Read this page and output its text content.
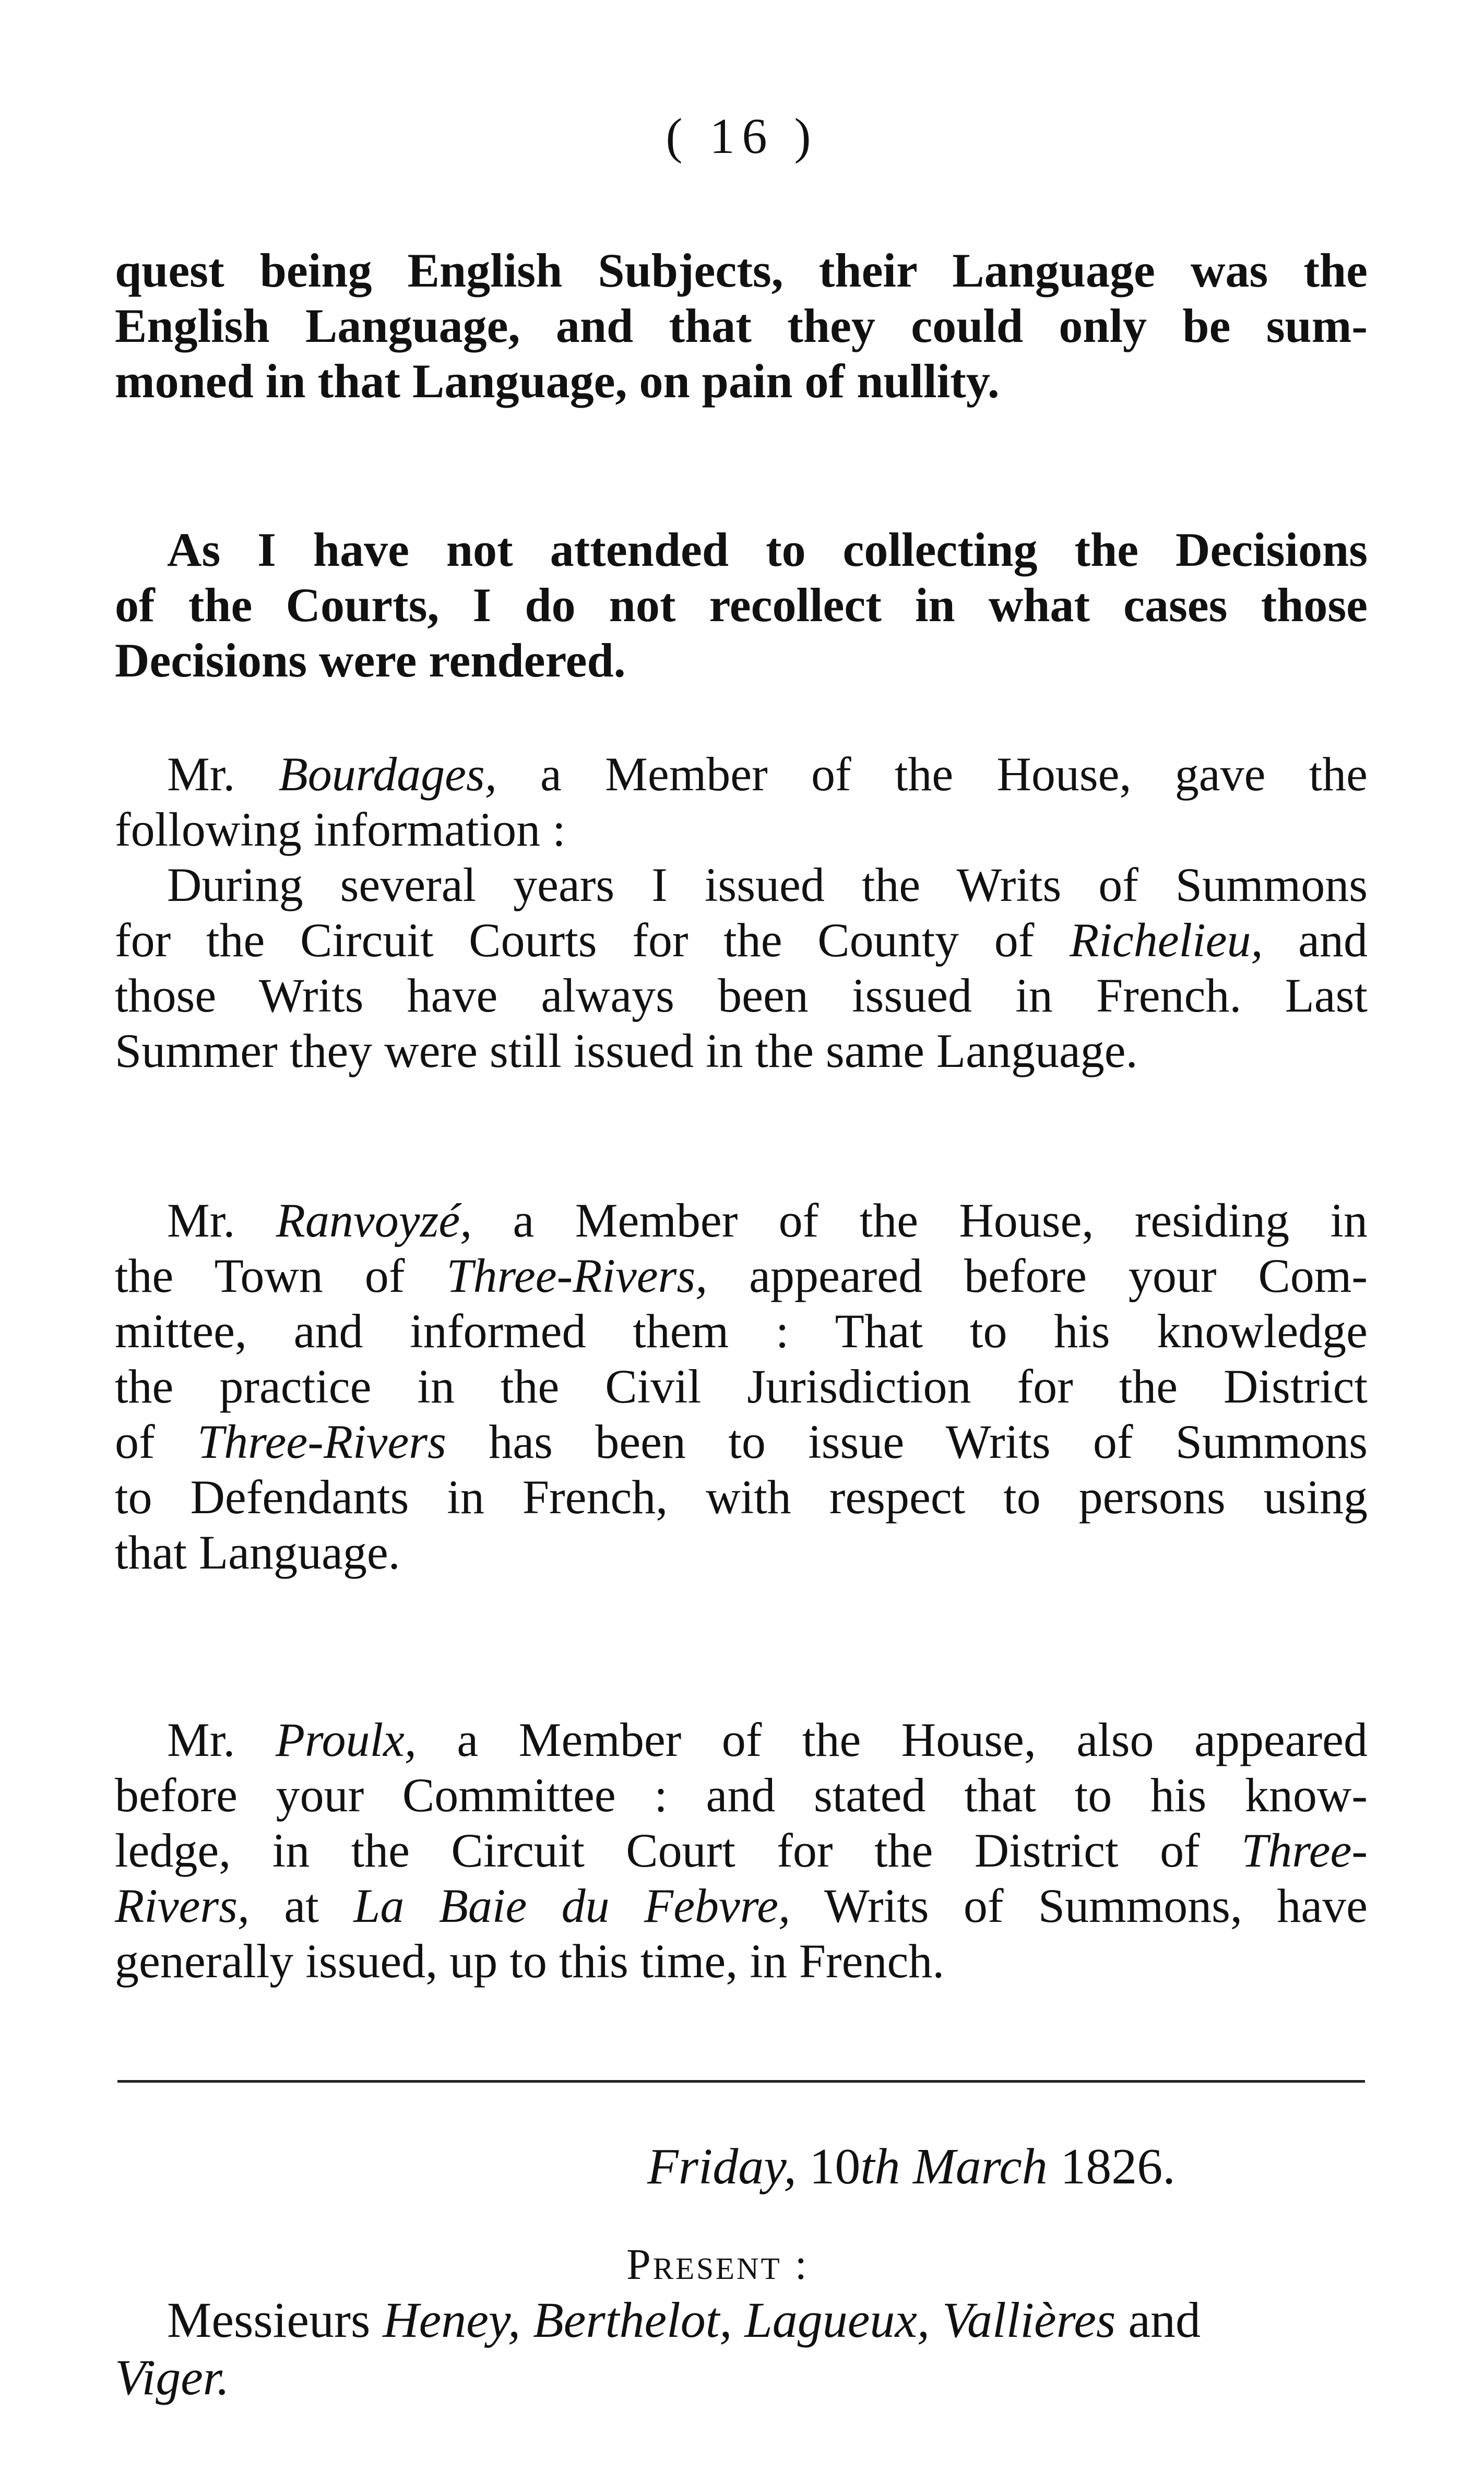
( 16 )
quest being English Subjects, their Language was the
English Language, and that they could only be sum-
moned in that Language, on pain of nullity.
As I have not attended to collecting the Decisions
of the Courts, I do not recollect in what cases those
Decisions were rendered.
Mr. Bourdages, a Member of the House, gave the
following information :
During several years I issued the Writs of Summons
for the Circuit Courts for the County of Richelieu, and
those Writs have always been issued in French. Last
Summer they were still issued in the same Language.
Mr. Ranvoyzé, a Member of the House, residing in
the Town of Three-Rivers, appeared before your Com-
mittee, and informed them : That to his knowledge
the practice in the Civil Jurisdiction for the District
of Three-Rivers has been to issue Writs of Summons
to Defendants in French, with respect to persons using
that Language.
Mr. Proulx, a Member of the House, also appeared
before your Committee : and stated that to his know-
ledge, in the Circuit Court for the District of Three-
Rivers, at La Baie du Febvre, Writs of Summons, have
generally issued, up to this time, in French.
Friday, 10th March 1826.
Present :
Messieurs Heney, Berthelot, Lagueux, Vallières and
Viger.
